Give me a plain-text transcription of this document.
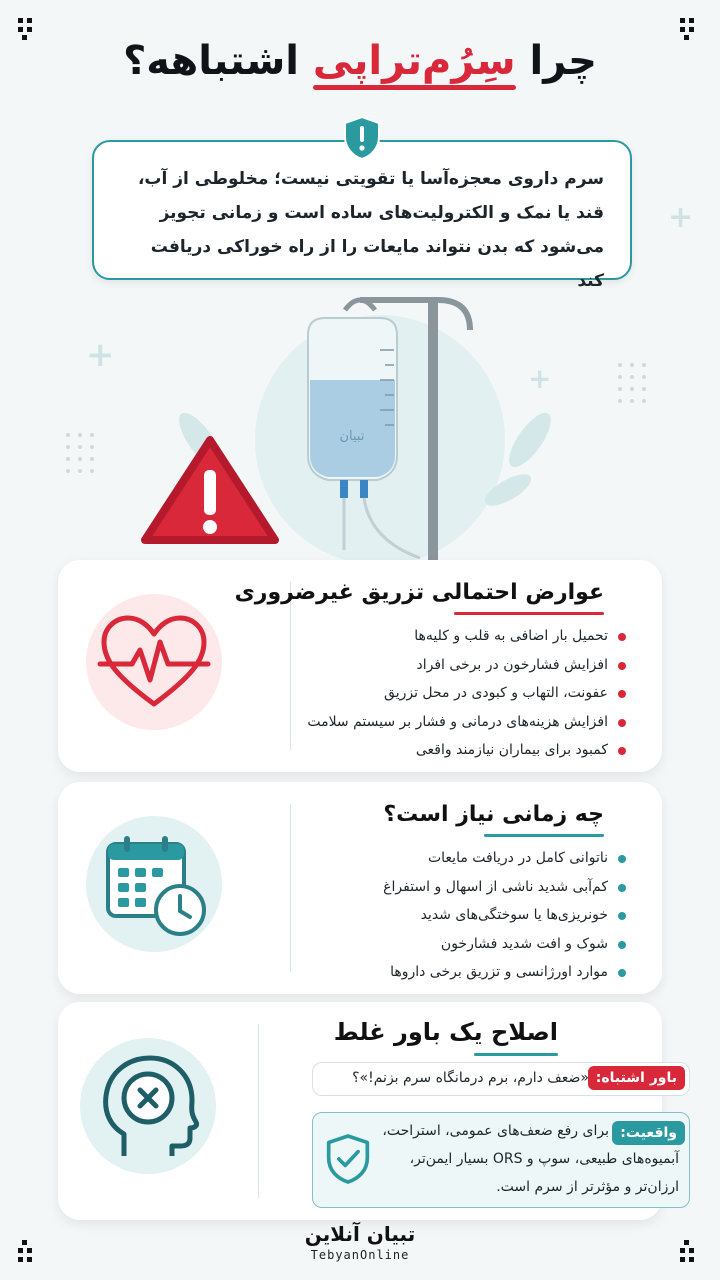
+
+
+
چرا سِرُم‌تراپی اشتباهه؟
سرم داروی معجزه‌آسا یا تقویتی نیست؛ مخلوطی از آب،
قند یا نمک و الکترولیت‌های ساده است و زمانی تجویز
می‌شود که بدن نتواند مایعات را از راه خوراکی دریافت کند
تبیان
عوارض احتمالی تزریق غیرضروری
تحمیل بار اضافی به قلب و کلیه‌ها
افزایش فشارخون در برخی افراد
عفونت، التهاب و کبودی در محل تزریق
افزایش هزینه‌های درمانی و فشار بر سیستم سلامت
کمبود برای بیماران نیازمند واقعی
چه زمانی نیاز است؟
ناتوانی کامل در دریافت مایعات
کم‌آبی شدید ناشی از اسهال و استفراغ
خونریزی‌ها یا سوختگی‌های شدید
شوک و افت شدید فشارخون
موارد اورژانسی و تزریق برخی داروها
اصلاح یک باور غلط
باور اشتباه:
«ضعف دارم، برم درمانگاه سرم بزنم!»؟
واقعیت:
برای رفع ضعف‌های عمومی، استراحت،
آبمیوه‌های طبیعی، سوپ و ORS بسیار ایمن‌تر،
ارزان‌تر و مؤثرتر از سرم است.
تبیان آنلاین
TebyanOnline
